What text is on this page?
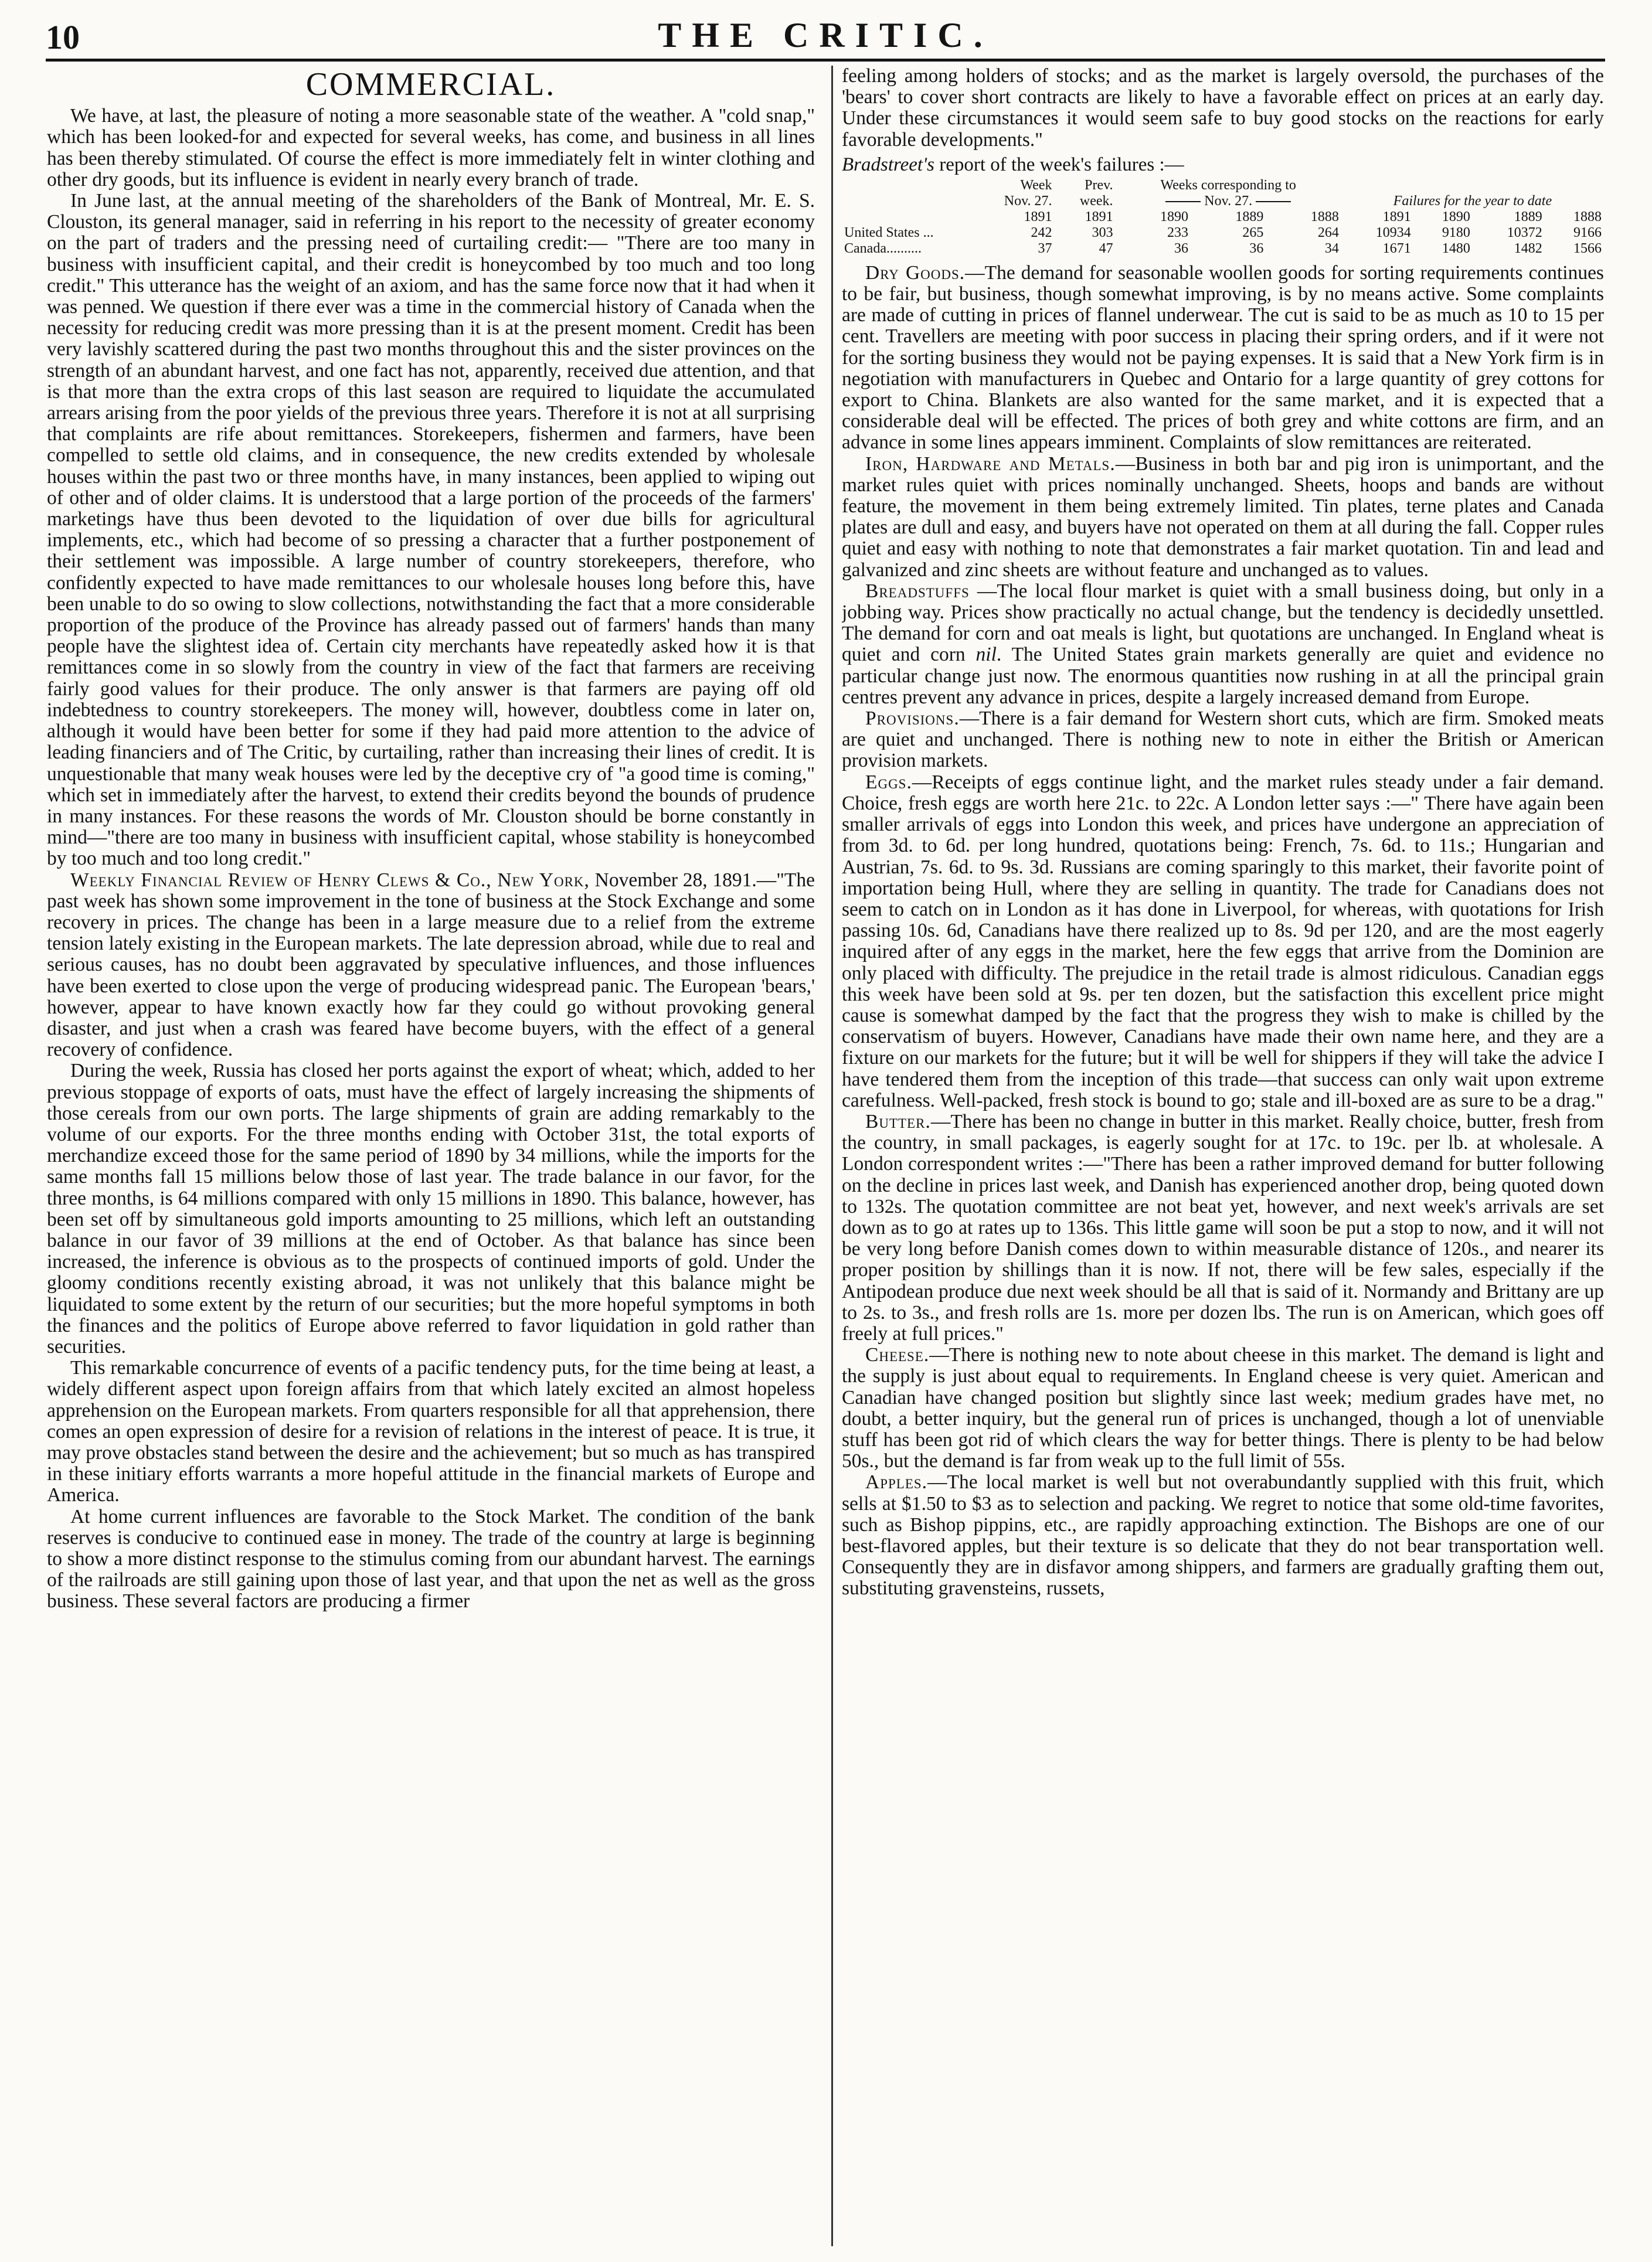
10	THE CRITIC.
COMMERCIAL.

We have, at last, the pleasure of noting a more seasonable state of the weather. A "cold snap," which has been looked-for and expected for several weeks, has come, and business in all lines has been thereby stimulated. Of course the effect is more immediately felt in winter clothing and other dry goods, but its influence is evident in nearly every branch of trade.

In June last, at the annual meeting of the shareholders of the Bank of Montreal, Mr. E. S. Clouston, its general manager, said in referring in his report to the necessity of greater economy on the part of traders and the pressing need of curtailing credit:— "There are too many in business with insufficient capital, and their credit is honeycombed by too much and too long credit." This utterance has the weight of an axiom, and has the same force now that it had when it was penned. We question if there ever was a time in the commercial history of Canada when the necessity for reducing credit was more pressing than it is at the present moment. Credit has been very lavishly scattered during the past two months throughout this and the sister provinces on the strength of an abundant harvest, and one fact has not, apparently, received due attention, and that is that more than the extra crops of this last season are required to liquidate the accumulated arrears arising from the poor yields of the previous three years. Therefore it is not at all surprising that complaints are rife about remittances. Storekeepers, fishermen and farmers, have been compelled to settle old claims, and in consequence, the new credits extended by wholesale houses within the past two or three months have, in many instances, been applied to wiping out of other and of older claims. It is understood that a large portion of the proceeds of the farmers' marketings have thus been devoted to the liquidation of over due bills for agricultural implements, etc., which had become of so pressing a character that a further postponement of their settlement was impossible. A large number of country storekeepers, therefore, who confidently expected to have made remittances to our wholesale houses long before this, have been unable to do so owing to slow collections, notwithstanding the fact that a more considerable proportion of the produce of the Province has already passed out of farmers' hands than many people have the slightest idea of. Certain city merchants have repeatedly asked how it is that remittances come in so slowly from the country in view of the fact that farmers are receiving fairly good values for their produce. The only answer is that farmers are paying off old indebtedness to country storekeepers. The money will, however, doubtless come in later on, although it would have been better for some if they had paid more attention to the advice of leading financiers and of The Critic, by curtailing, rather than increasing their lines of credit. It is unquestionable that many weak houses were led by the deceptive cry of "a good time is coming," which set in immediately after the harvest, to extend their credits beyond the bounds of prudence in many instances. For these reasons the words of Mr. Clouston should be borne constantly in mind—"there are too many in business with insufficient capital, whose stability is honeycombed by too much and too long credit."

Weekly Financial Review of Henry Clews & Co., New York, November 28, 1891.—"The past week has shown some improvement in the tone of business at the Stock Exchange and some recovery in prices. The change has been in a large measure due to a relief from the extreme tension lately existing in the European markets. The late depression abroad, while due to real and serious causes, has no doubt been aggravated by speculative influences, and those influences have been exerted to close upon the verge of producing widespread panic. The European 'bears,' however, appear to have known exactly how far they could go without provoking general disaster, and just when a crash was feared have become buyers, with the effect of a general recovery of confidence.

During the week, Russia has closed her ports against the export of wheat; which, added to her previous stoppage of exports of oats, must have the effect of largely increasing the shipments of those cereals from our own ports. The large shipments of grain are adding remarkably to the volume of our exports. For the three months ending with October 31st, the total exports of merchandize exceed those for the same period of 1890 by 34 millions, while the imports for the same months fall 15 millions below those of last year. The trade balance in our favor, for the three months, is 64 millions compared with only 15 millions in 1890. This balance, however, has been set off by simultaneous gold imports amounting to 25 millions, which left an outstanding balance in our favor of 39 millions at the end of October. As that balance has since been increased, the inference is obvious as to the prospects of continued imports of gold. Under the gloomy conditions recently existing abroad, it was not unlikely that this balance might be liquidated to some extent by the return of our securities; but the more hopeful symptoms in both the finances and the politics of Europe above referred to favor liquidation in gold rather than securities.

This remarkable concurrence of events of a pacific tendency puts, for the time being at least, a widely different aspect upon foreign affairs from that which lately excited an almost hopeless apprehension on the European markets. From quarters responsible for all that apprehension, there comes an open expression of desire for a revision of relations in the interest of peace. It is true, it may prove obstacles stand between the desire and the achievement; but so much as has transpired in these initiary efforts warrants a more hopeful attitude in the financial markets of Europe and America.

At home current influences are favorable to the Stock Market. The condition of the bank reserves is conducive to continued ease in money. The trade of the country at large is beginning to show a more distinct response to the stimulus coming from our abundant harvest. The earnings of the railroads are still gaining upon those of last year, and that upon the net as well as the gross business. These several factors are producing a firmer

feeling among holders of stocks; and as the market is largely oversold, the purchases of the 'bears' to cover short contracts are likely to have a favorable effect on prices at an early day. Under these circumstances it would seem safe to buy good stocks on the reactions for early favorable developments."

Bradstreet's report of the week's failures :—
	Week	Prev.	Weeks corresponding to						
	Nov. 27.	week.	Nov. 27.			Failures for the year to date			
	1891	1891	1890	1889	1888	1891	1890	1889	1888
United States ...	242	303	233	265	264	10934	9180	10372	9166
Canada..........	37	47	36	36	34	1671	1480	1482	1566

Dry Goods.—The demand for seasonable woollen goods for sorting requirements continues to be fair, but business, though somewhat improving, is by no means active. Some complaints are made of cutting in prices of flannel underwear. The cut is said to be as much as 10 to 15 per cent. Travellers are meeting with poor success in placing their spring orders, and if it were not for the sorting business they would not be paying expenses. It is said that a New York firm is in negotiation with manufacturers in Quebec and Ontario for a large quantity of grey cottons for export to China. Blankets are also wanted for the same market, and it is expected that a considerable deal will be effected. The prices of both grey and white cottons are firm, and an advance in some lines appears imminent. Complaints of slow remittances are reiterated.

Iron, Hardware and Metals.—Business in both bar and pig iron is unimportant, and the market rules quiet with prices nominally unchanged. Sheets, hoops and bands are without feature, the movement in them being extremely limited. Tin plates, terne plates and Canada plates are dull and easy, and buyers have not operated on them at all during the fall. Copper rules quiet and easy with nothing to note that demonstrates a fair market quotation. Tin and lead and galvanized and zinc sheets are without feature and unchanged as to values.

Breadstuffs —The local flour market is quiet with a small business doing, but only in a jobbing way. Prices show practically no actual change, but the tendency is decidedly unsettled. The demand for corn and oat meals is light, but quotations are unchanged. In England wheat is quiet and corn nil. The United States grain markets generally are quiet and evidence no particular change just now. The enormous quantities now rushing in at all the principal grain centres prevent any advance in prices, despite a largely increased demand from Europe.

Provisions.—There is a fair demand for Western short cuts, which are firm. Smoked meats are quiet and unchanged. There is nothing new to note in either the British or American provision markets.

Eggs.—Receipts of eggs continue light, and the market rules steady under a fair demand. Choice, fresh eggs are worth here 21c. to 22c. A London letter says :—" There have again been smaller arrivals of eggs into London this week, and prices have undergone an appreciation of from 3d. to 6d. per long hundred, quotations being: French, 7s. 6d. to 11s.; Hungarian and Austrian, 7s. 6d. to 9s. 3d. Russians are coming sparingly to this market, their favorite point of importation being Hull, where they are selling in quantity. The trade for Canadians does not seem to catch on in London as it has done in Liverpool, for whereas, with quotations for Irish passing 10s. 6d, Canadians have there realized up to 8s. 9d per 120, and are the most eagerly inquired after of any eggs in the market, here the few eggs that arrive from the Dominion are only placed with difficulty. The prejudice in the retail trade is almost ridiculous. Canadian eggs this week have been sold at 9s. per ten dozen, but the satisfaction this excellent price might cause is somewhat damped by the fact that the progress they wish to make is chilled by the conservatism of buyers. However, Canadians have made their own name here, and they are a fixture on our markets for the future; but it will be well for shippers if they will take the advice I have tendered them from the inception of this trade—that success can only wait upon extreme carefulness. Well-packed, fresh stock is bound to go; stale and ill-boxed are as sure to be a drag."

Butter.—There has been no change in butter in this market. Really choice, butter, fresh from the country, in small packages, is eagerly sought for at 17c. to 19c. per lb. at wholesale. A London correspondent writes :—"There has been a rather improved demand for butter following on the decline in prices last week, and Danish has experienced another drop, being quoted down to 132s. The quotation committee are not beat yet, however, and next week's arrivals are set down as to go at rates up to 136s. This little game will soon be put a stop to now, and it will not be very long before Danish comes down to within measurable distance of 120s., and nearer its proper position by shillings than it is now. If not, there will be few sales, especially if the Antipodean produce due next week should be all that is said of it. Normandy and Brittany are up to 2s. to 3s., and fresh rolls are 1s. more per dozen lbs. The run is on American, which goes off freely at full prices."

Cheese.—There is nothing new to note about cheese in this market. The demand is light and the supply is just about equal to requirements. In England cheese is very quiet. American and Canadian have changed position but slightly since last week; medium grades have met, no doubt, a better inquiry, but the general run of prices is unchanged, though a lot of unenviable stuff has been got rid of which clears the way for better things. There is plenty to be had below 50s., but the demand is far from weak up to the full limit of 55s.

Apples.—The local market is well but not overabundantly supplied with this fruit, which sells at $1.50 to $3 as to selection and packing. We regret to notice that some old-time favorites, such as Bishop pippins, etc., are rapidly approaching extinction. The Bishops are one of our best-flavored apples, but their texture is so delicate that they do not bear transportation well. Consequently they are in disfavor among shippers, and farmers are gradually grafting them out, substituting gravensteins, russets,
